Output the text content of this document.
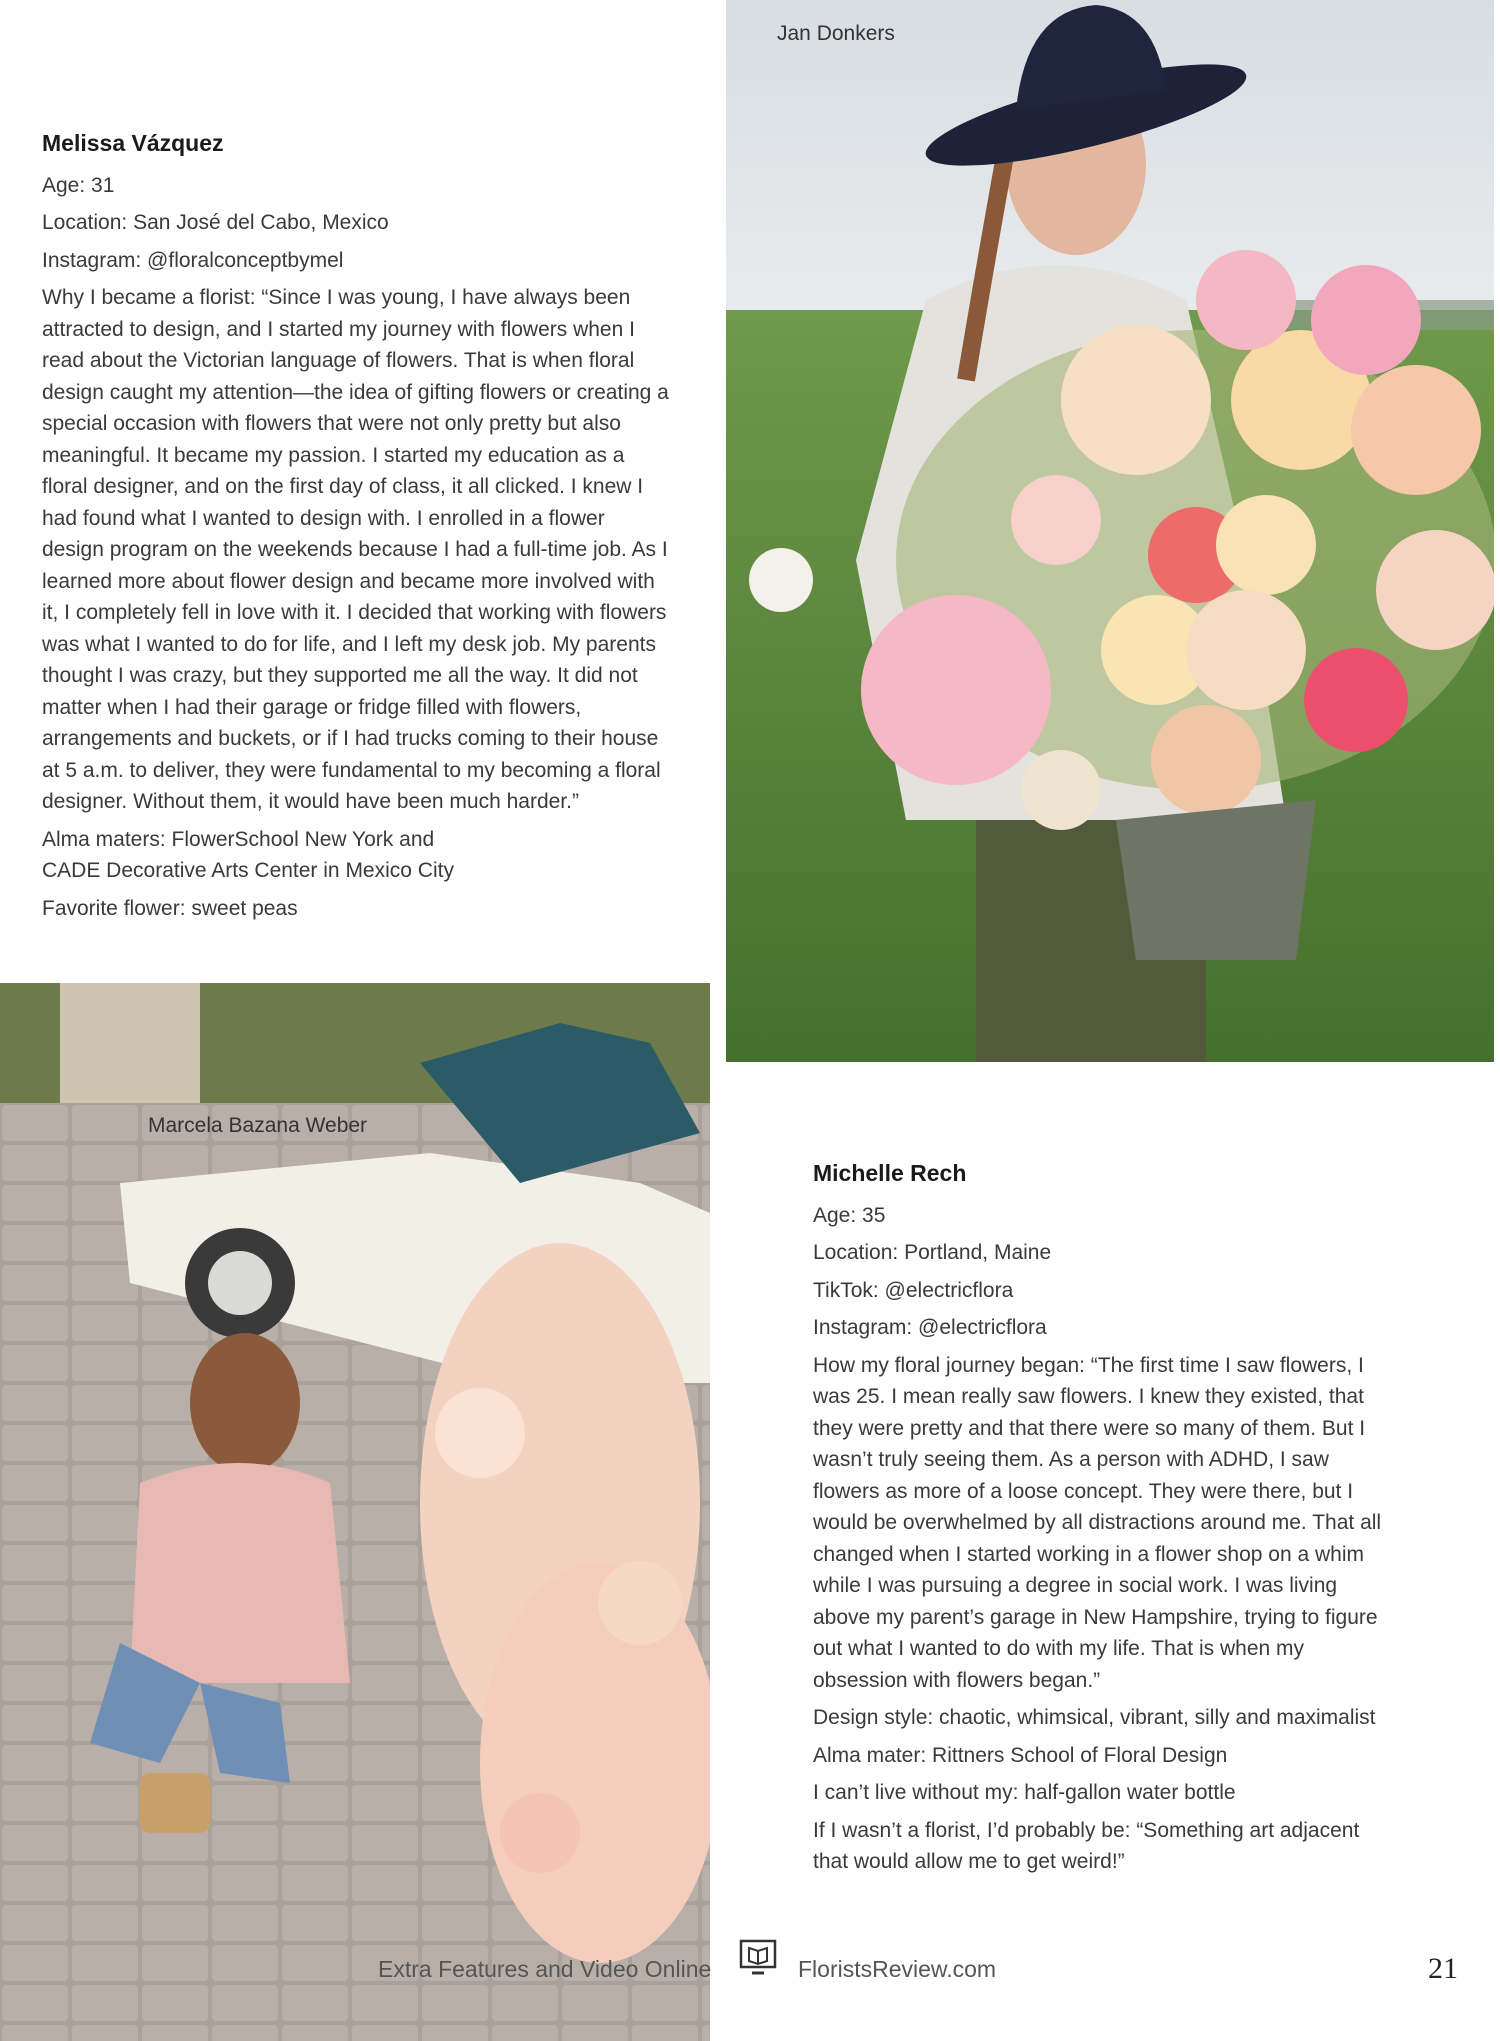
Jan Donkers
Marcela Bazana Weber

Melissa Vázquez

Age: 31

Location: San José del Cabo, Mexico

Instagram: @floralconceptbymel

Why I became a florist: “Since I was young, I have always been attracted to design, and I started my journey with flowers when I read about the Victorian language of flowers. That is when floral design caught my attention—the idea of gifting flowers or creating a special occasion with flowers that were not only pretty but also meaningful. It became my passion. I started my education as a floral designer, and on the first day of class, it all clicked. I knew I had found what I wanted to design with. I enrolled in a flower design program on the weekends because I had a full-time job. As I learned more about flower design and became more involved with it, I completely fell in love with it. I decided that working with flowers was what I wanted to do for life, and I left my desk job. My parents thought I was crazy, but they supported me all the way. It did not matter when I had their garage or fridge filled with flowers, arrangements and buckets, or if I had trucks coming to their house at 5 a.m. to deliver, they were fundamental to my becoming a floral designer. Without them, it would have been much harder.”

Alma maters: FlowerSchool New York and

CADE Decorative Arts Center in Mexico City

Favorite flower: sweet peas

Michelle Rech

Age: 35

Location: Portland, Maine

TikTok: @electricflora

Instagram: @electricflora

How my floral journey began: “The first time I saw flowers, I was 25. I mean really saw flowers. I knew they existed, that they were pretty and that there were so many of them. But I wasn’t truly seeing them. As a person with ADHD, I saw flowers as more of a loose concept. They were there, but I would be overwhelmed by all distractions around me. That all changed when I started working in a flower shop on a whim while I was pursuing a degree in social work. I was living above my parent’s garage in New Hampshire, trying to figure out what I wanted to do with my life. That is when my obsession with flowers began.”

Design style: chaotic, whimsical, vibrant, silly and maximalist

Alma mater: Rittners School of Floral Design

I can’t live without my: half-gallon water bottle

If I wasn’t a florist, I’d probably be: “Something art adjacent that would allow me to get weird!”

Extra Features and Video Online	FloristsReview.com	21
